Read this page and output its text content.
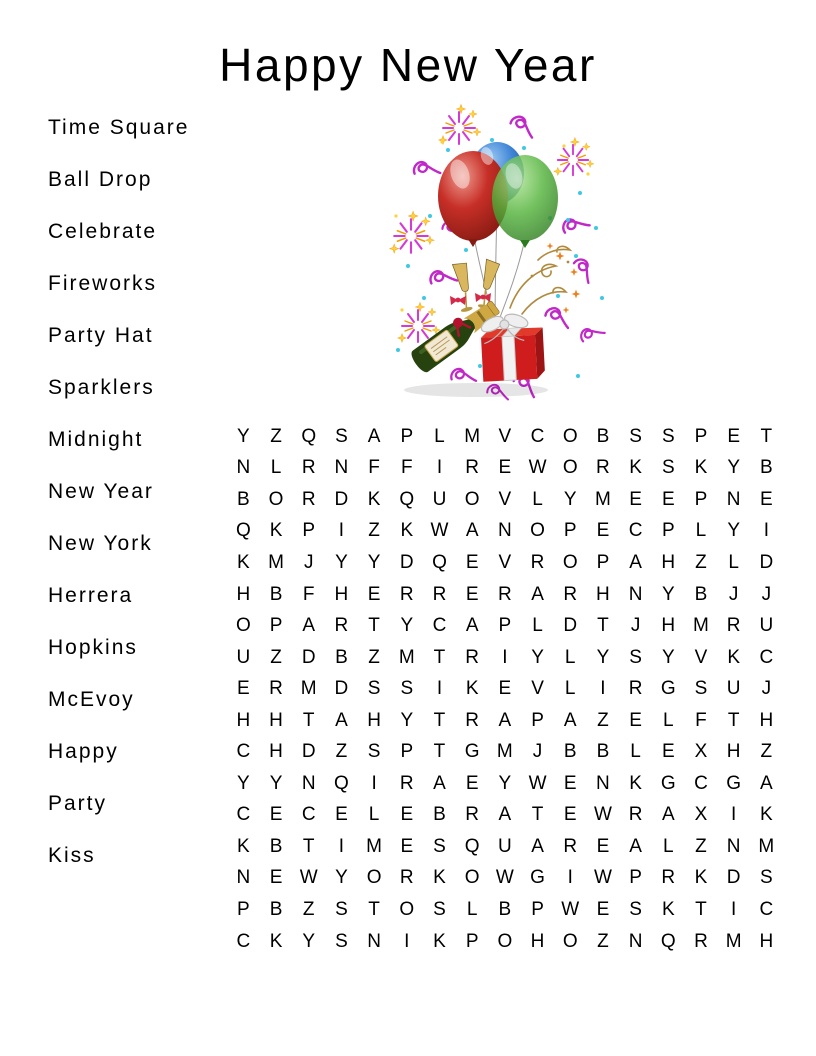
Happy New Year
Time Square
Ball Drop
Celebrate
Fireworks
Party Hat
Sparklers
Midnight
New Year
New York
Herrera
Hopkins
McEvoy
Happy
Party
Kiss
Y	Z	Q S	A	P	L	M V	C O B	S	S	P	E	T
N	L	R N	F	F	I	R	E W O R	K	S	K	Y	B
B O R D	K Q U O V	L	Y M E	E	P	N	E
Q K	P	I	Z	K W A	N O P	E	C	P	L	Y	I
K M	J	Y	Y	D Q E	V	R O P	A	H	Z	L	D
H	B	F	H	E	R R	E	R	A	R H N	Y	B	J	J
O P	A	R	T	Y	C	A	P	L	D	T	J	H M R U
U	Z	D	B	Z M T	R	I	Y	L	Y	S	Y	V	K	C
E	R M D	S	S	I	K	E	V	L	I	R G S	U	J
H H	T	A	H	Y	T	R	A	P	A	Z	E	L	F	T	H
C H D	Z	S	P	T	G M	J	B	B	L	E	X	H	Z
Y	Y	N Q	I	R	A	E	Y W E	N	K G C G A
C	E	C	E	L	E	B	R	A	T	E W R	A	X	I	K
K	B	T	I	M E	S Q U	A	R	E	A	L	Z	N M
N	E W Y O R	K O W G	I	W P	R	K	D	S
P	B	Z	S	T	O S	L	B	P W E	S	K	T	I	C
C	K	Y	S	N	I	K	P O H O	Z	N Q R M H
